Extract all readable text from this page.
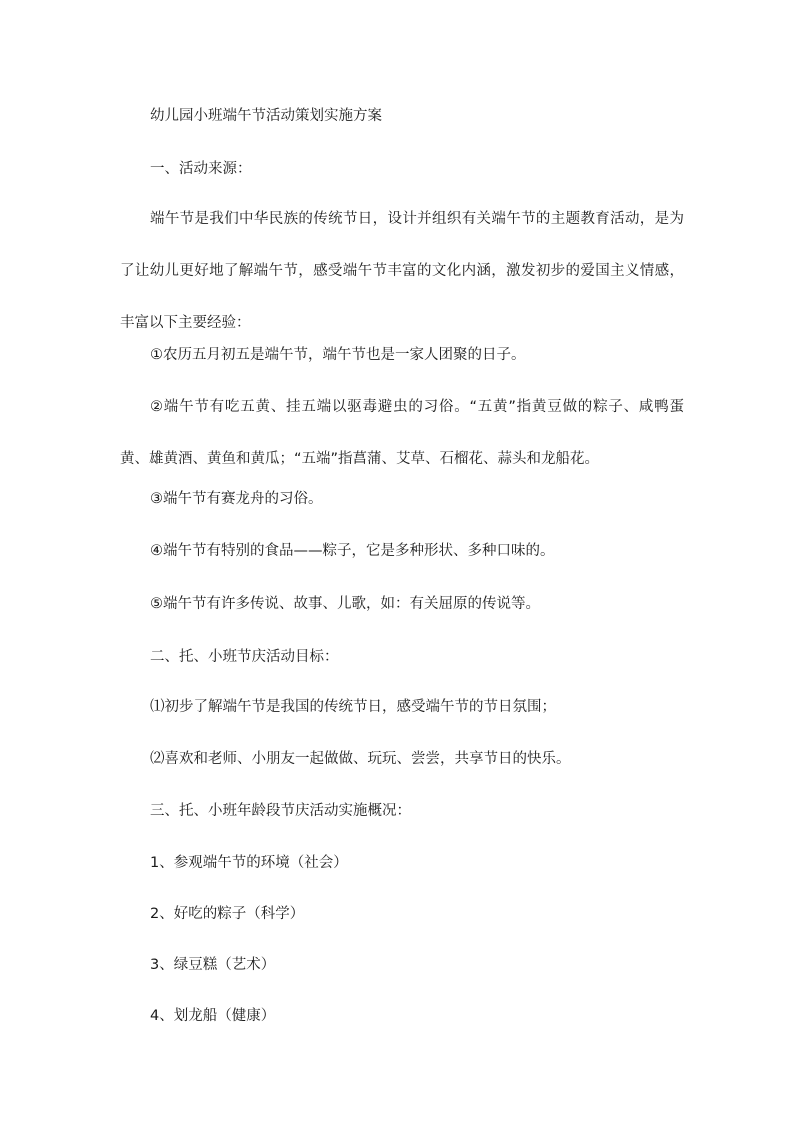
幼儿园小班端午节活动策划实施方案
一、活动来源：
端午节是我们中华民族的传统节日，设计并组织有关端午节的主题教育活动，是为了让幼儿更好地了解端午节，感受端午节丰富的文化内涵，激发初步的爱国主义情感，丰富以下主要经验：
①农历五月初五是端午节，端午节也是一家人团聚的日子。
②端午节有吃五黄、挂五端以驱毒避虫的习俗。“五黄”指黄豆做的粽子、咸鸭蛋黄、雄黄酒、黄鱼和黄瓜；“五端”指菖蒲、艾草、石榴花、蒜头和龙船花。
③端午节有赛龙舟的习俗。
④端午节有特别的食品——粽子，它是多种形状、多种口味的。
⑤端午节有许多传说、故事、儿歌，如：有关屈原的传说等。
二、托、小班节庆活动目标：
⑴初步了解端午节是我国的传统节日，感受端午节的节日氛围；
⑵喜欢和老师、小朋友一起做做、玩玩、尝尝，共享节日的快乐。
三、托、小班年龄段节庆活动实施概况：
1、参观端午节的环境（社会）
2、好吃的粽子（科学）
3、绿豆糕（艺术）
4、划龙船（健康）
